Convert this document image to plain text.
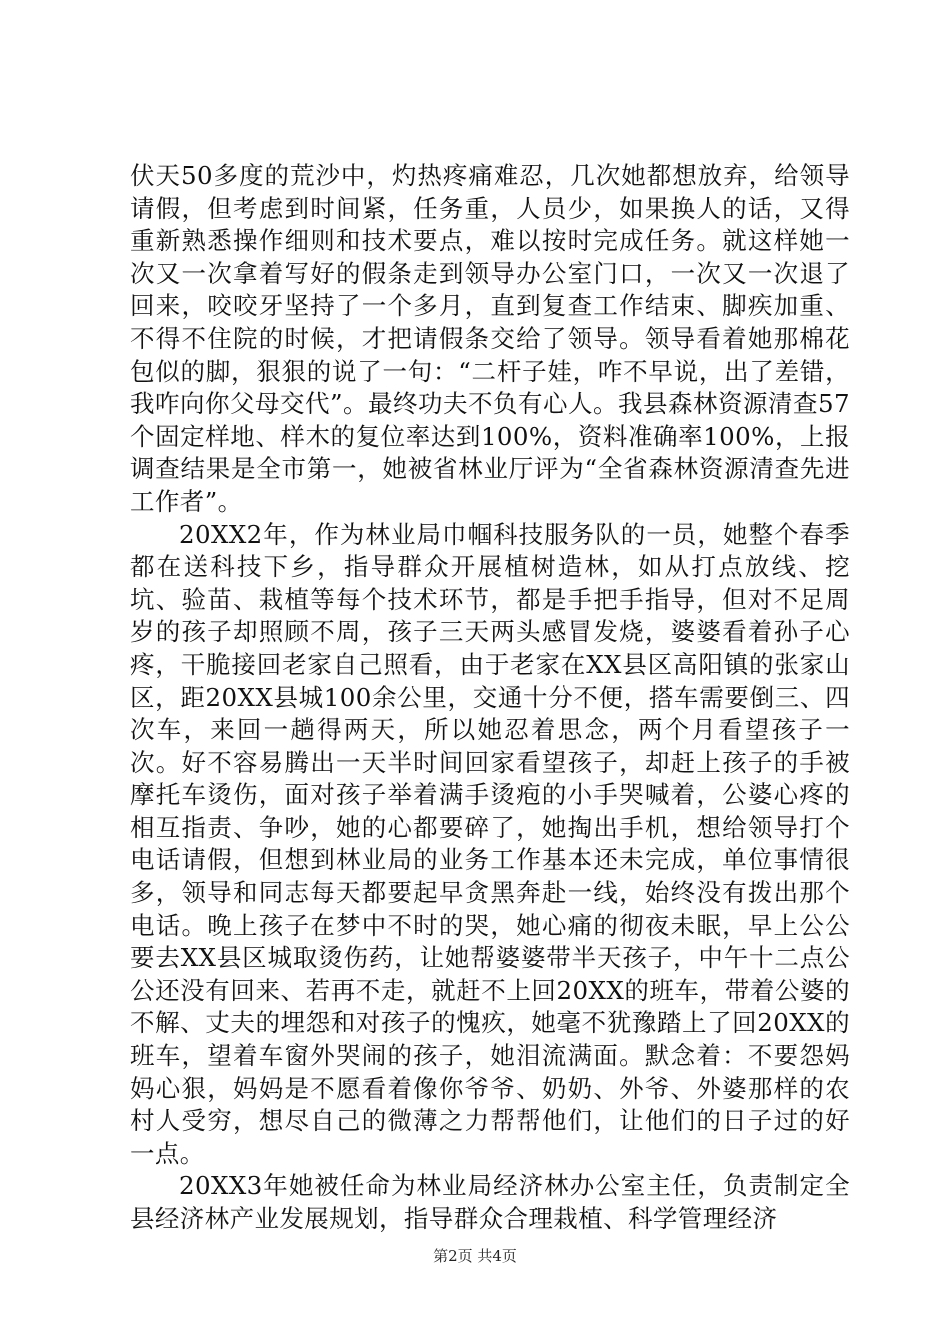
伏天50多度的荒沙中，灼热疼痛难忍，几次她都想放弃，给领导请假，但考虑到时间紧，任务重，人员少，如果换人的话，又得重新熟悉操作细则和技术要点，难以按时完成任务。就这样她一次又一次拿着写好的假条走到领导办公室门口，一次又一次退了回来，咬咬牙坚持了一个多月，直到复查工作结束、脚疾加重、不得不住院的时候，才把请假条交给了领导。领导看着她那棉花包似的脚，狠狠的说了一句：“二杆子娃，咋不早说，出了差错，我咋向你父母交代”。最终功夫不负有心人。我县森林资源清查57个固定样地、样木的复位率达到100%，资料准确率100%，上报调查结果是全市第一，她被省林业厅评为“全省森林资源清查先进工作者”。

20XX2年，作为林业局巾帼科技服务队的一员，她整个春季都在送科技下乡，指导群众开展植树造林，如从打点放线、挖坑、验苗、栽植等每个技术环节，都是手把手指导，但对不足周岁的孩子却照顾不周，孩子三天两头感冒发烧，婆婆看着孙子心疼，干脆接回老家自己照看，由于老家在XX县区高阳镇的张家山区，距20XX县城100余公里，交通十分不便，搭车需要倒三、四次车，来回一趟得两天，所以她忍着思念，两个月看望孩子一次。好不容易腾出一天半时间回家看望孩子，却赶上孩子的手被摩托车烫伤，面对孩子举着满手烫疱的小手哭喊着，公婆心疼的相互指责、争吵，她的心都要碎了，她掏出手机，想给领导打个电话请假，但想到林业局的业务工作基本还未完成，单位事情很多，领导和同志每天都要起早贪黑奔赴一线，始终没有拨出那个电话。晚上孩子在梦中不时的哭，她心痛的彻夜未眠，早上公公要去XX县区城取烫伤药，让她帮婆婆带半天孩子，中午十二点公公还没有回来、若再不走，就赶不上回20XX的班车，带着公婆的不解、丈夫的埋怨和对孩子的愧疚，她毫不犹豫踏上了回20XX的班车，望着车窗外哭闹的孩子，她泪流满面。默念着：不要怨妈妈心狠，妈妈是不愿看着像你爷爷、奶奶、外爷、外婆那样的农村人受穷，想尽自己的微薄之力帮帮他们，让他们的日子过的好一点。

20XX3年她被任命为林业局经济林办公室主任，负责制定全县经济林产业发展规划，指导群众合理栽植、科学管理经济

第2页 共4页
